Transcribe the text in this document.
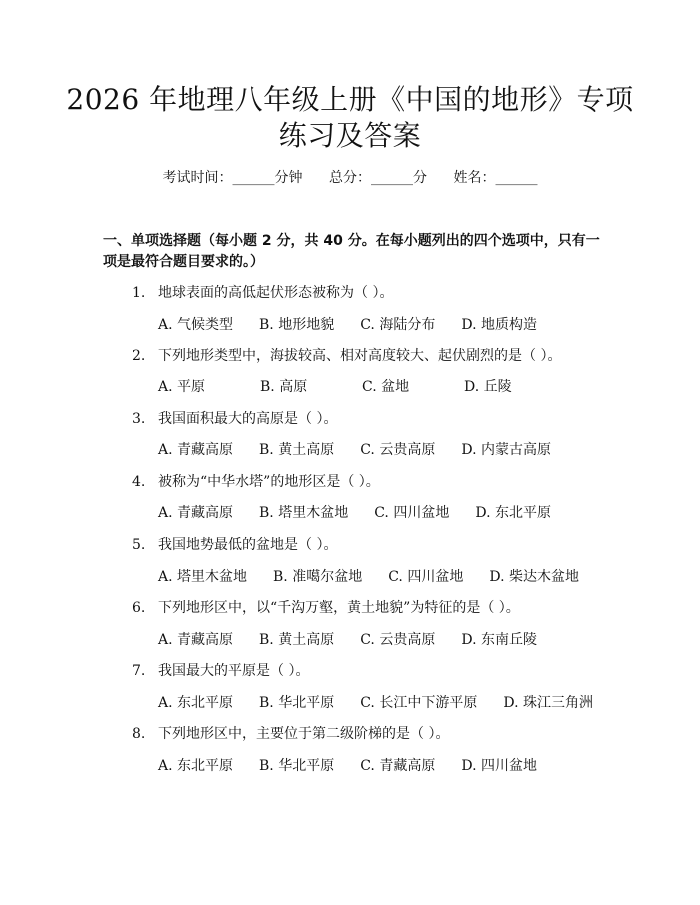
2026 年地理八年级上册《中国的地形》专项
练习及答案
考试时间：______分钟 总分：______分 姓名：______
一、单项选择题（每小题 2 分，共 40 分。在每小题列出的四个选项中，只有一项是最符合题目要求的。）
1. 地球表面的高低起伏形态被称为（ ）。
A. 气候类型 B. 地形地貌 C. 海陆分布 D. 地质构造
2. 下列地形类型中，海拔较高、相对高度较大、起伏剧烈的是（ ）。
A. 平原	B. 高原	C. 盆地	D. 丘陵
3. 我国面积最大的高原是（ ）。
A. 青藏高原 B. 黄土高原 C. 云贵高原 D. 内蒙古高原
4. 被称为“中华水塔”的地形区是（ ）。
A. 青藏高原 B. 塔里木盆地 C. 四川盆地 D. 东北平原
5. 我国地势最低的盆地是（ ）。
A. 塔里木盆地 B. 准噶尔盆地 C. 四川盆地 D. 柴达木盆地
6. 下列地形区中，以“千沟万壑，黄土地貌”为特征的是（ ）。
A. 青藏高原 B. 黄土高原 C. 云贵高原 D. 东南丘陵
7. 我国最大的平原是（ ）。
A. 东北平原 B. 华北平原 C. 长江中下游平原 D. 珠江三角洲
8. 下列地形区中，主要位于第二级阶梯的是（ ）。
A. 东北平原 B. 华北平原 C. 青藏高原 D. 四川盆地
